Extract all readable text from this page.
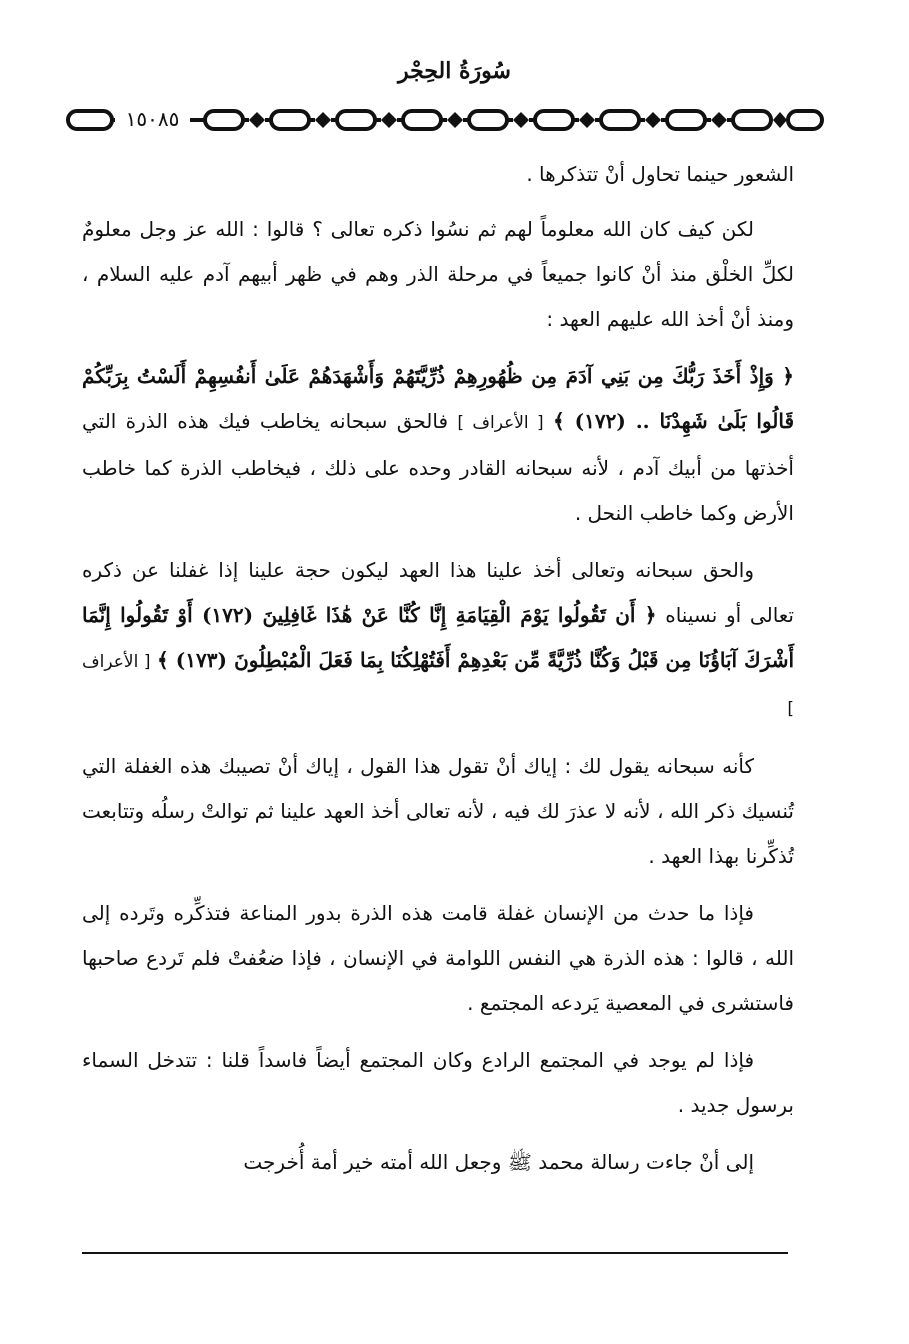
سُورَةُ الحِجْر
١٥٠٨٥

الشعور حينما تحاول أنْ تتذكرها .

لكن كيف كان الله معلوماً لهم ثم نسُوا ذكره تعالى ؟ قالوا : الله عز وجل معلومٌ لكلِّ الخلْق منذ أنْ كانوا جميعاً في مرحلة الذر وهم في ظهر أبيهم آدم عليه السلام ، ومنذ أنْ أخذ الله عليهم العهد :

﴿ وَإِذْ أَخَذَ رَبُّكَ مِن بَنِي آدَمَ مِن ظُهُورِهِمْ ذُرِّيَّتَهُمْ وَأَشْهَدَهُمْ عَلَىٰ أَنفُسِهِمْ أَلَسْتُ بِرَبِّكُمْ قَالُوا بَلَىٰ شَهِدْنَا .. (١٧٢) ﴾ [ الأعراف ] فالحق سبحانه يخاطب فيك هذه الذرة التي أخذتها من أبيك آدم ، لأنه سبحانه القادر وحده على ذلك ، فيخاطب الذرة كما خاطب الأرض وكما خاطب النحل .

والحق سبحانه وتعالى أخذ علينا هذا العهد ليكون حجة علينا إذا غفلنا عن ذكره تعالى أو نسيناه ﴿ أَن تَقُولُوا يَوْمَ الْقِيَامَةِ إِنَّا كُنَّا عَنْ هَٰذَا غَافِلِينَ (١٧٢) أَوْ تَقُولُوا إِنَّمَا أَشْرَكَ آبَاؤُنَا مِن قَبْلُ وَكُنَّا ذُرِّيَّةً مِّن بَعْدِهِمْ أَفَتُهْلِكُنَا بِمَا فَعَلَ الْمُبْطِلُونَ (١٧٣) ﴾ [ الأعراف ]

كأنه سبحانه يقول لك : إياك أنْ تقول هذا القول ، إياك أنْ تصيبك هذه الغفلة التي تُنسيك ذكر الله ، لأنه لا عذرَ لك فيه ، لأنه تعالى أخذ العهد علينا ثم توالتْ رسلُه وتتابعت تُذكِّرنا بهذا العهد .

فإذا ما حدث من الإنسان غفلة قامت هذه الذرة بدور المناعة فتذكِّره وتَرده إلى الله ، قالوا : هذه الذرة هي النفس اللوامة في الإنسان ، فإذا ضعُفتْ فلم تَردع صاحبها فاستشرى في المعصية يَردعه المجتمع .

فإذا لم يوجد في المجتمع الرادع وكان المجتمع أيضاً فاسداً قلنا : تتدخل السماء برسول جديد .

إلى أنْ جاءت رسالة محمد ﷺ وجعل الله أمته خير أمة أُخرجت
